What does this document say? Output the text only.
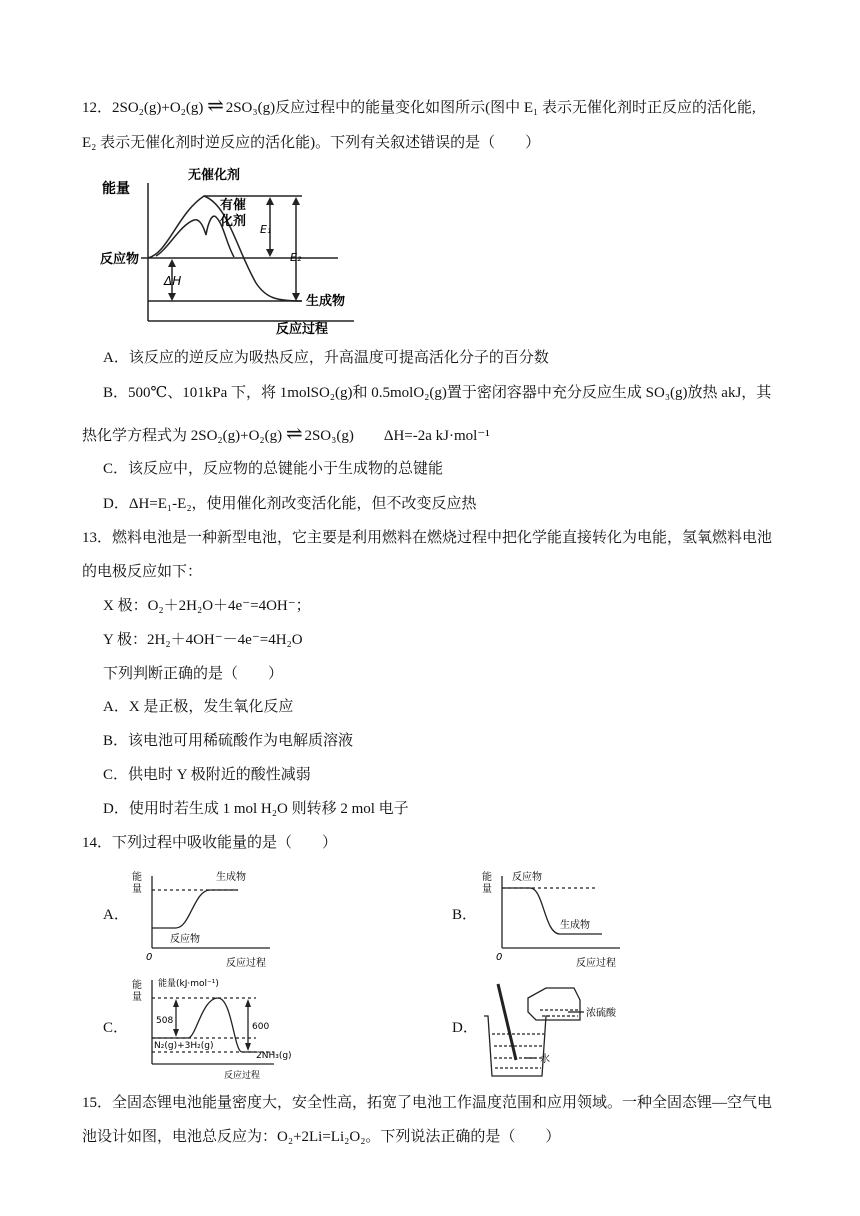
12．2SO₂(g)+O₂(g) ⇌ 2SO₃(g)反应过程中的能量变化如图所示(图中 E₁ 表示无催化剂时正反应的活化能,
E₂ 表示无催化剂时逆反应的活化能)。下列有关叙述错误的是（　　）
能量
无催化剂
有催
化剂
反应物
生成物
ΔH
E₁
E₂
反应过程
A．该反应的逆反应为吸热反应，升高温度可提高活化分子的百分数
B．500℃、101kPa 下，将 1molSO₂(g)和 0.5molO₂(g)置于密闭容器中充分反应生成 SO₃(g)放热 akJ，其
热化学方程式为 2SO₂(g)+O₂(g) ⇌ 2SO₃(g)　　ΔH=-2a kJ·mol⁻¹
C．该反应中，反应物的总键能小于生成物的总键能
D．ΔH=E₁-E₂，使用催化剂改变活化能，但不改变反应热
13．燃料电池是一种新型电池，它主要是利用燃料在燃烧过程中把化学能直接转化为电能，氢氧燃料电池
的电极反应如下：
X 极：O₂＋2H₂O＋4e⁻=4OH⁻；
Y 极：2H₂＋4OH⁻－4e⁻=4H₂O
下列判断正确的是（　　）
A．X 是正极，发生氧化反应
B．该电池可用稀硫酸作为电解质溶液
C．供电时 Y 极附近的酸性减弱
D．使用时若生成 1 mol H₂O 则转移 2 mol 电子
14．下列过程中吸收能量的是（　　）
A．
能
量
生成物
反应物
0
反应过程
B．
能
量
反应物
生成物
0
反应过程
C．
能
量
能量(kJ·mol⁻¹)
508
600
N₂(g)+3H₂(g)
2NH₃(g)
反应过程
D．
浓硫酸
水
15．全固态锂电池能量密度大，安全性高，拓宽了电池工作温度范围和应用领域。一种全固态锂—空气电
池设计如图，电池总反应为：O₂+2Li=Li₂O₂。下列说法正确的是（　　）
